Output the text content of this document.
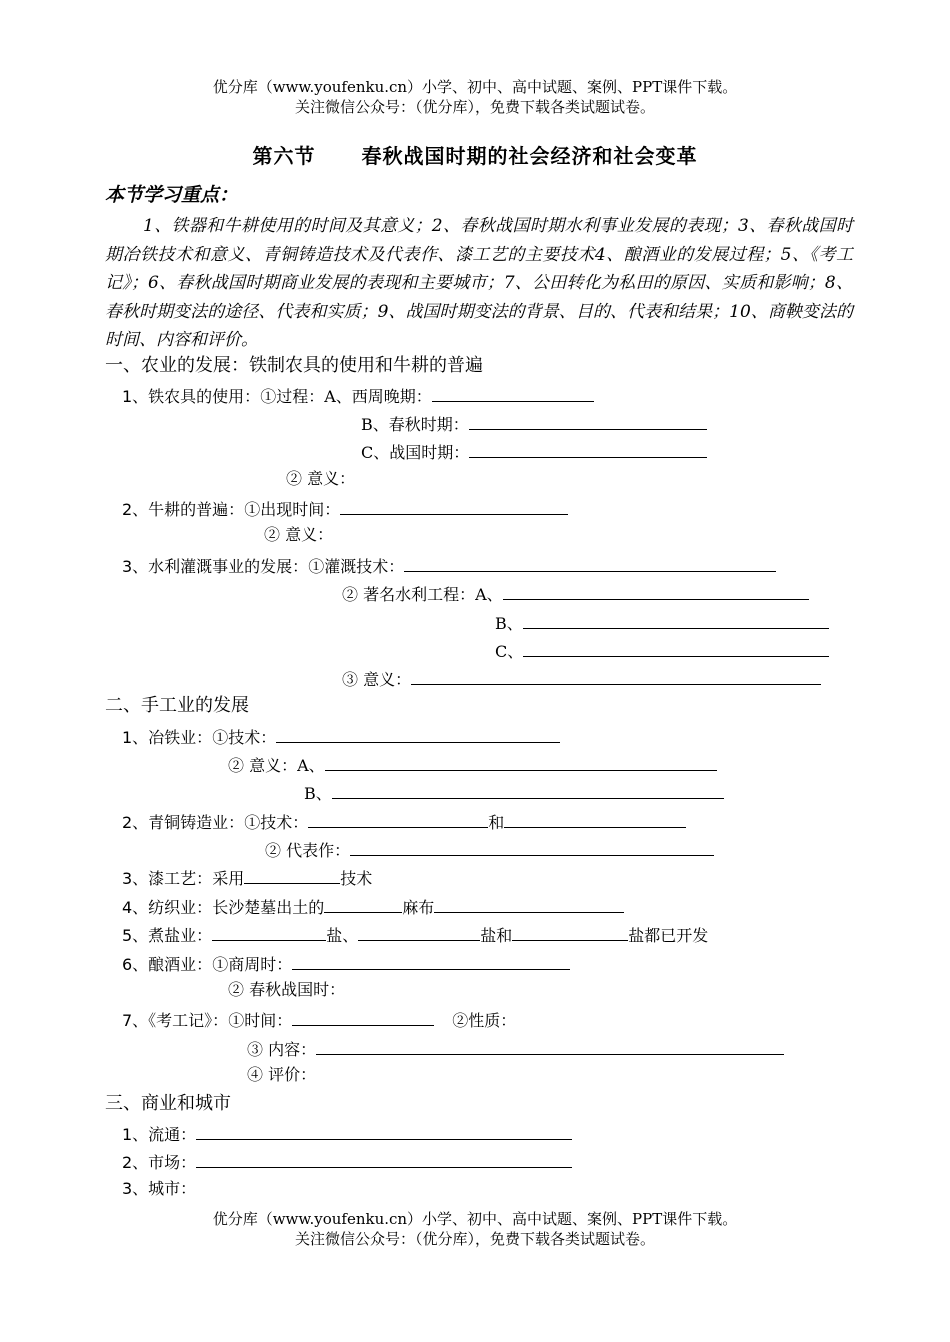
优分库（www.youfenku.cn）小学、初中、高中试题、案例、PPT课件下载。
关注微信公众号：（优分库），免费下载各类试题试卷。
第六节 春秋战国时期的社会经济和社会变革
本节学习重点：
1、铁器和牛耕使用的时间及其意义；2、春秋战国时期水利事业发展的表现；3、春秋战国时期冶铁技术和意义、青铜铸造技术及代表作、漆工艺的主要技术4、酿酒业的发展过程；5、《考工记》；6、春秋战国时期商业发展的表现和主要城市；7、公田转化为私田的原因、实质和影响；8、春秋时期变法的途径、代表和实质；9、战国时期变法的背景、目的、代表和结果；10、商鞅变法的时间、内容和评价。
一、农业的发展：铁制农具的使用和牛耕的普遍
1、铁农具的使用：①过程：A、西周晚期：
B、春秋时期：
C、战国时期：
② 意义：
2、牛耕的普遍：①出现时间：
② 意义：
3、水利灌溉事业的发展：①灌溉技术：
② 著名水利工程：A、
B、
C、
③ 意义：
二、手工业的发展
1、冶铁业：①技术：
② 意义：A、
B、
2、青铜铸造业：①技术：	和
② 代表作：
3、漆工艺：采用	技术
4、纺织业：长沙楚墓出土的	麻布
5、煮盐业：	盐、	盐和	盐都已开发
6、酿酒业：①商周时：
② 春秋战国时：
7、《考工记》：①时间：	②性质：
③ 内容：
④ 评价：
三、商业和城市
1、流通：
2、市场：
3、城市：
优分库（www.youfenku.cn）小学、初中、高中试题、案例、PPT课件下载。
关注微信公众号：（优分库），免费下载各类试题试卷。
